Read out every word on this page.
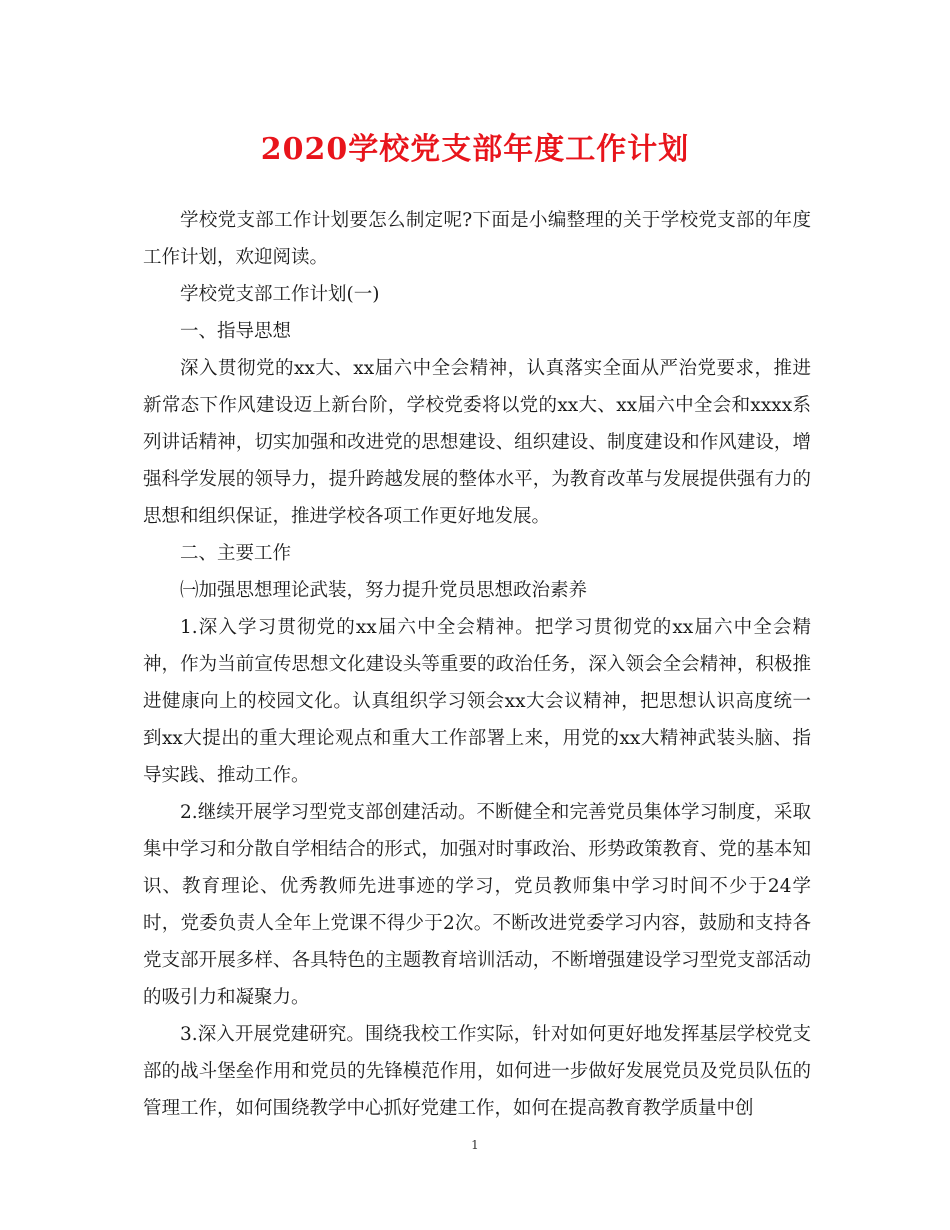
2020学校党支部年度工作计划

学校党支部工作计划要怎么制定呢?下面是小编整理的关于学校党支部的年度工作计划，欢迎阅读。

学校党支部工作计划(一)

一、指导思想

深入贯彻党的xx大、xx届六中全会精神，认真落实全面从严治党要求，推进新常态下作风建设迈上新台阶，学校党委将以党的xx大、xx届六中全会和xxxx系列讲话精神，切实加强和改进党的思想建设、组织建设、制度建设和作风建设，增强科学发展的领导力，提升跨越发展的整体水平，为教育改革与发展提供强有力的思想和组织保证，推进学校各项工作更好地发展。

二、主要工作

㈠加强思想理论武装，努力提升党员思想政治素养

1.深入学习贯彻党的xx届六中全会精神。把学习贯彻党的xx届六中全会精神，作为当前宣传思想文化建设头等重要的政治任务，深入领会全会精神，积极推进健康向上的校园文化。认真组织学习领会xx大会议精神，把思想认识高度统一到xx大提出的重大理论观点和重大工作部署上来，用党的xx大精神武装头脑、指导实践、推动工作。

2.继续开展学习型党支部创建活动。不断健全和完善党员集体学习制度，采取集中学习和分散自学相结合的形式，加强对时事政治、形势政策教育、党的基本知识、教育理论、优秀教师先进事迹的学习，党员教师集中学习时间不少于24学时，党委负责人全年上党课不得少于2次。不断改进党委学习内容，鼓励和支持各党支部开展多样、各具特色的主题教育培训活动，不断增强建设学习型党支部活动的吸引力和凝聚力。

3.深入开展党建研究。围绕我校工作实际，针对如何更好地发挥基层学校党支部的战斗堡垒作用和党员的先锋模范作用，如何进一步做好发展党员及党员队伍的管理工作，如何围绕教学中心抓好党建工作，如何在提高教育教学质量中创

1
